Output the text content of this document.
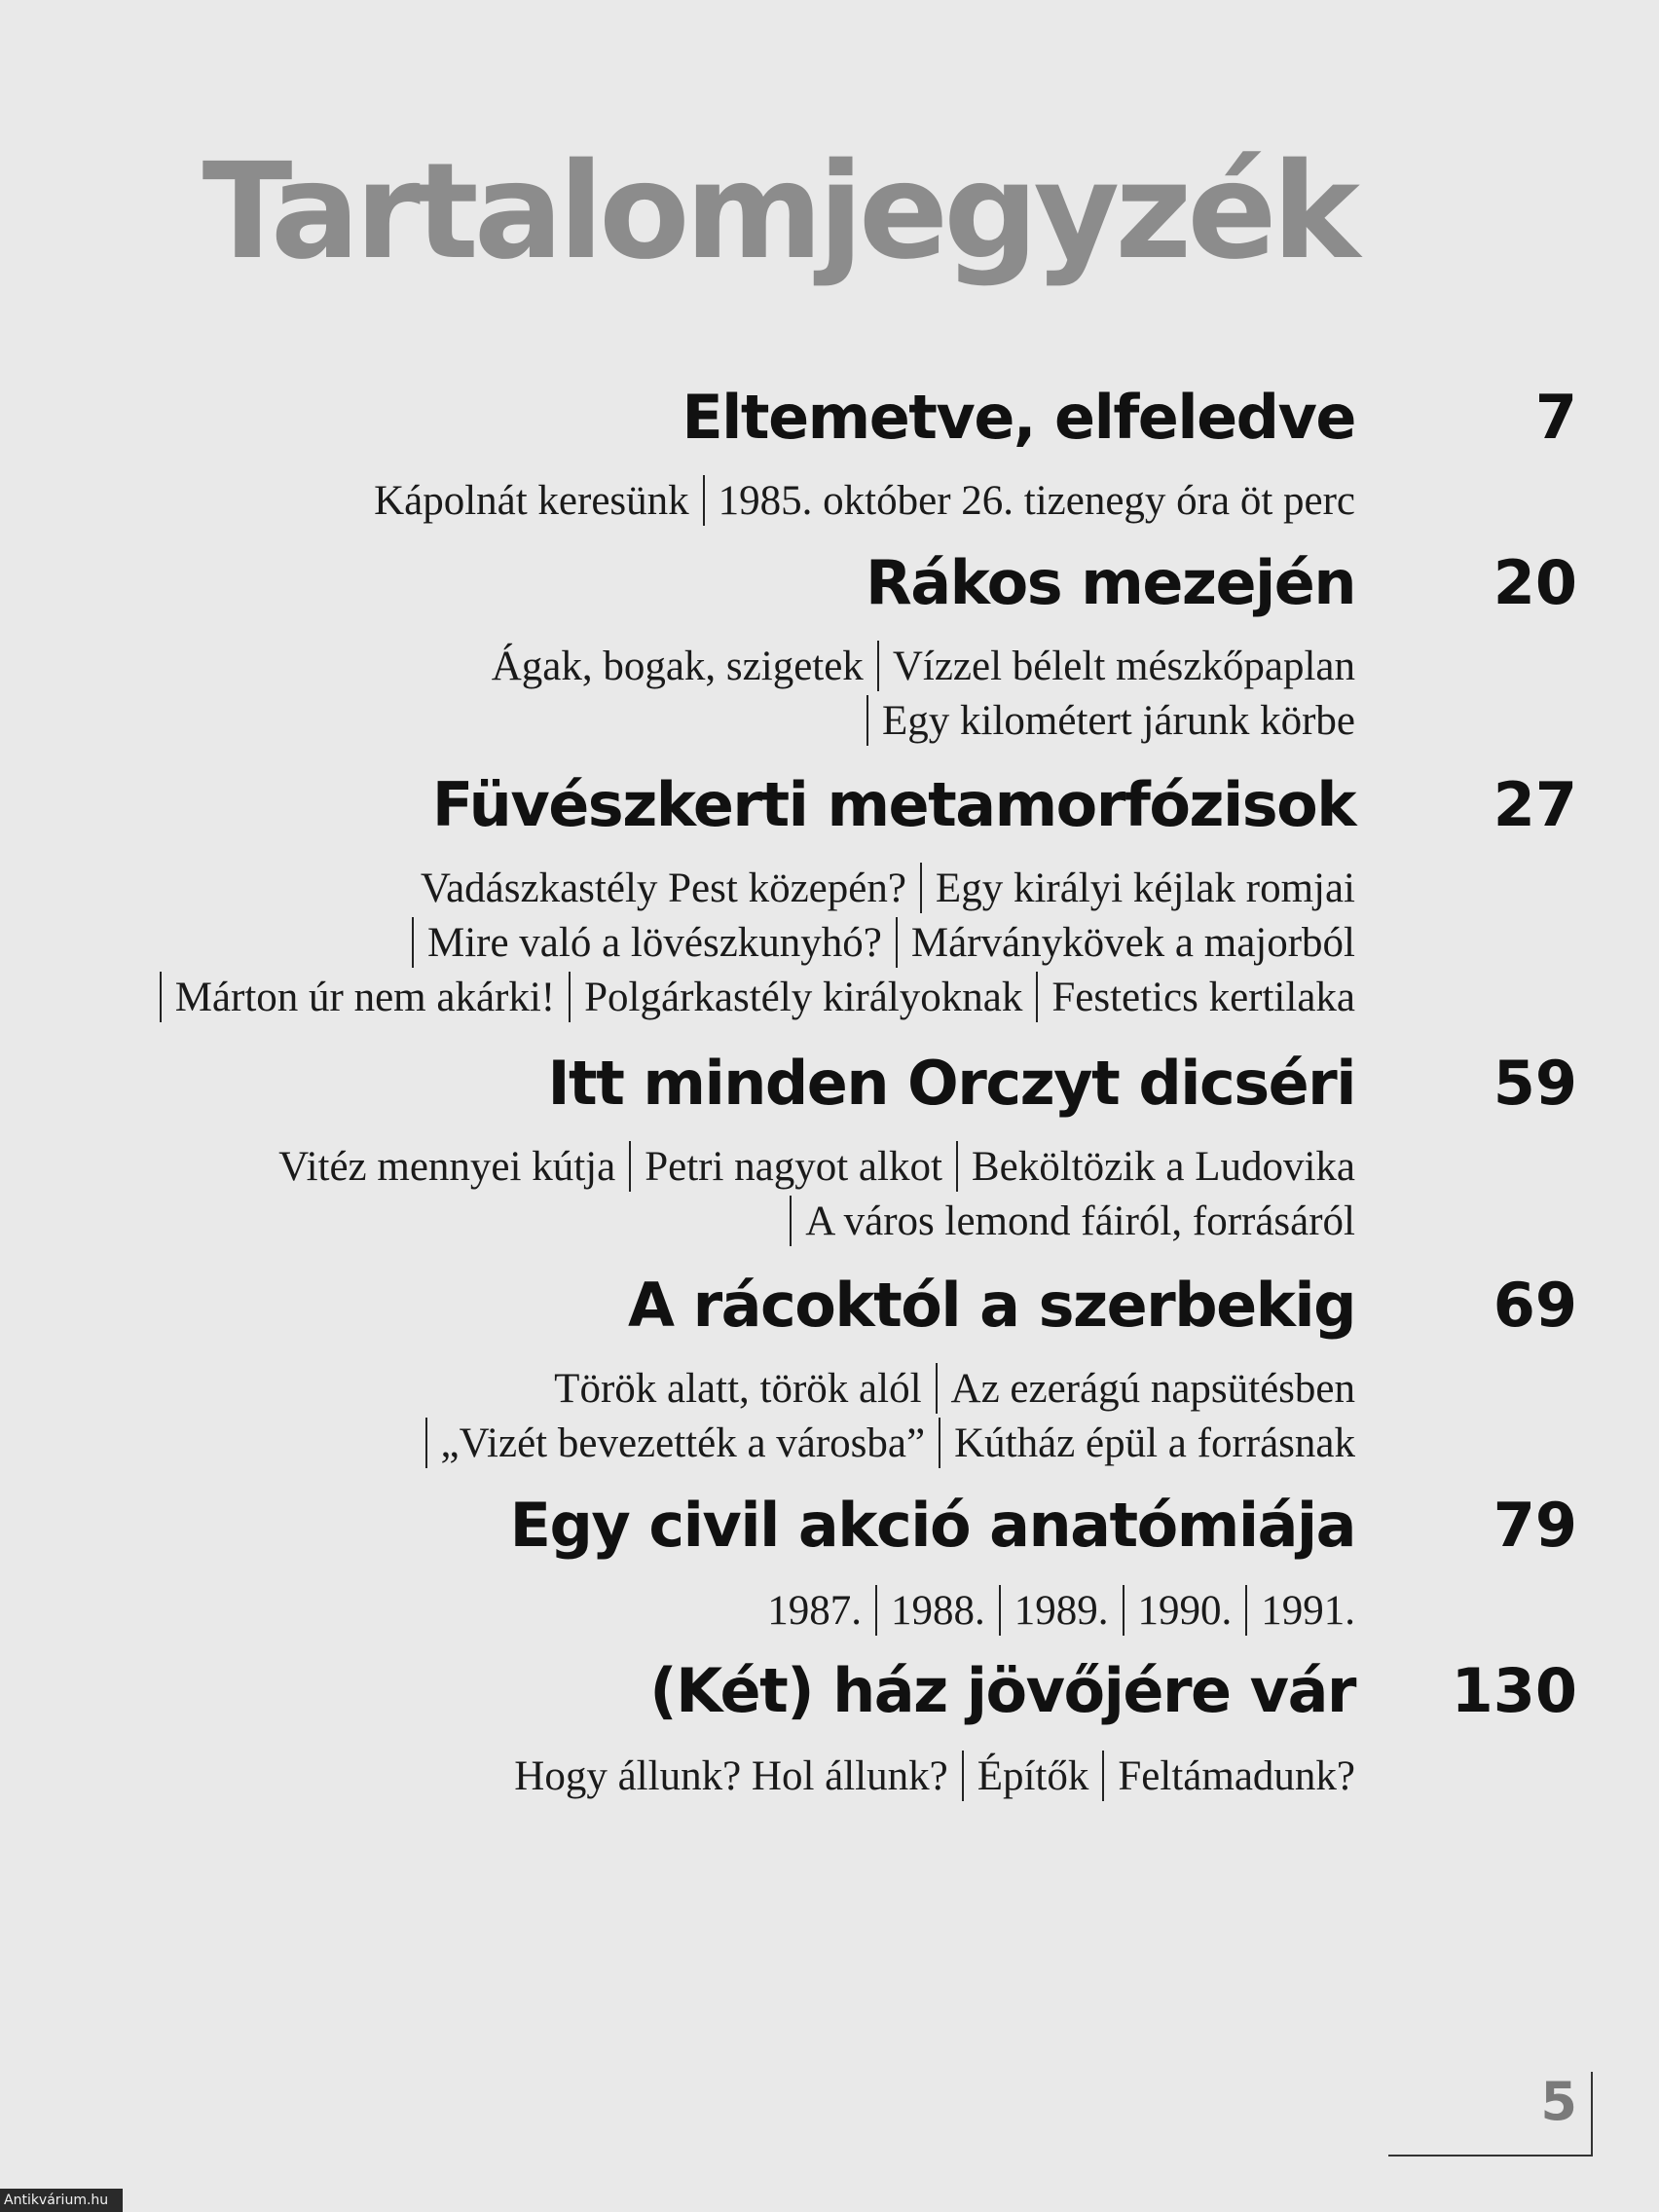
Tartalomjegyzék
Eltemetve, elfeledve	7
Kápolnát keresünk 1985. október 26. tizenegy óra öt perc
Rákos mezején 20
Ágak, bogak, szigetek Vízzel bélelt mészkőpaplan
Egy kilométert járunk körbe
Füvészkerti metamorfózisok 27
Vadászkastély Pest közepén? Egy királyi kéjlak romjai
Mire való a lövészkunyhó? Márványkövek a majorból
Márton úr nem akárki! Polgárkastély királyoknak Festetics kertilaka
Itt minden Orczyt dicséri 59
Vitéz mennyei kútja Petri nagyot alkot Beköltözik a Ludovika
A város lemond fáiról, forrásáról
A rácoktól a szerbekig 69
Török alatt, török alól Az ezerágú napsütésben
„Vizét bevezették a városba” Kútház épül a forrásnak
Egy civil akció anatómiája 79
1987. 1988. 1989. 1990. 1991.
(Két) ház jövőjére vár 130
Hogy állunk? Hol állunk? Építők Feltámadunk?
5
Antikvárium.hu
